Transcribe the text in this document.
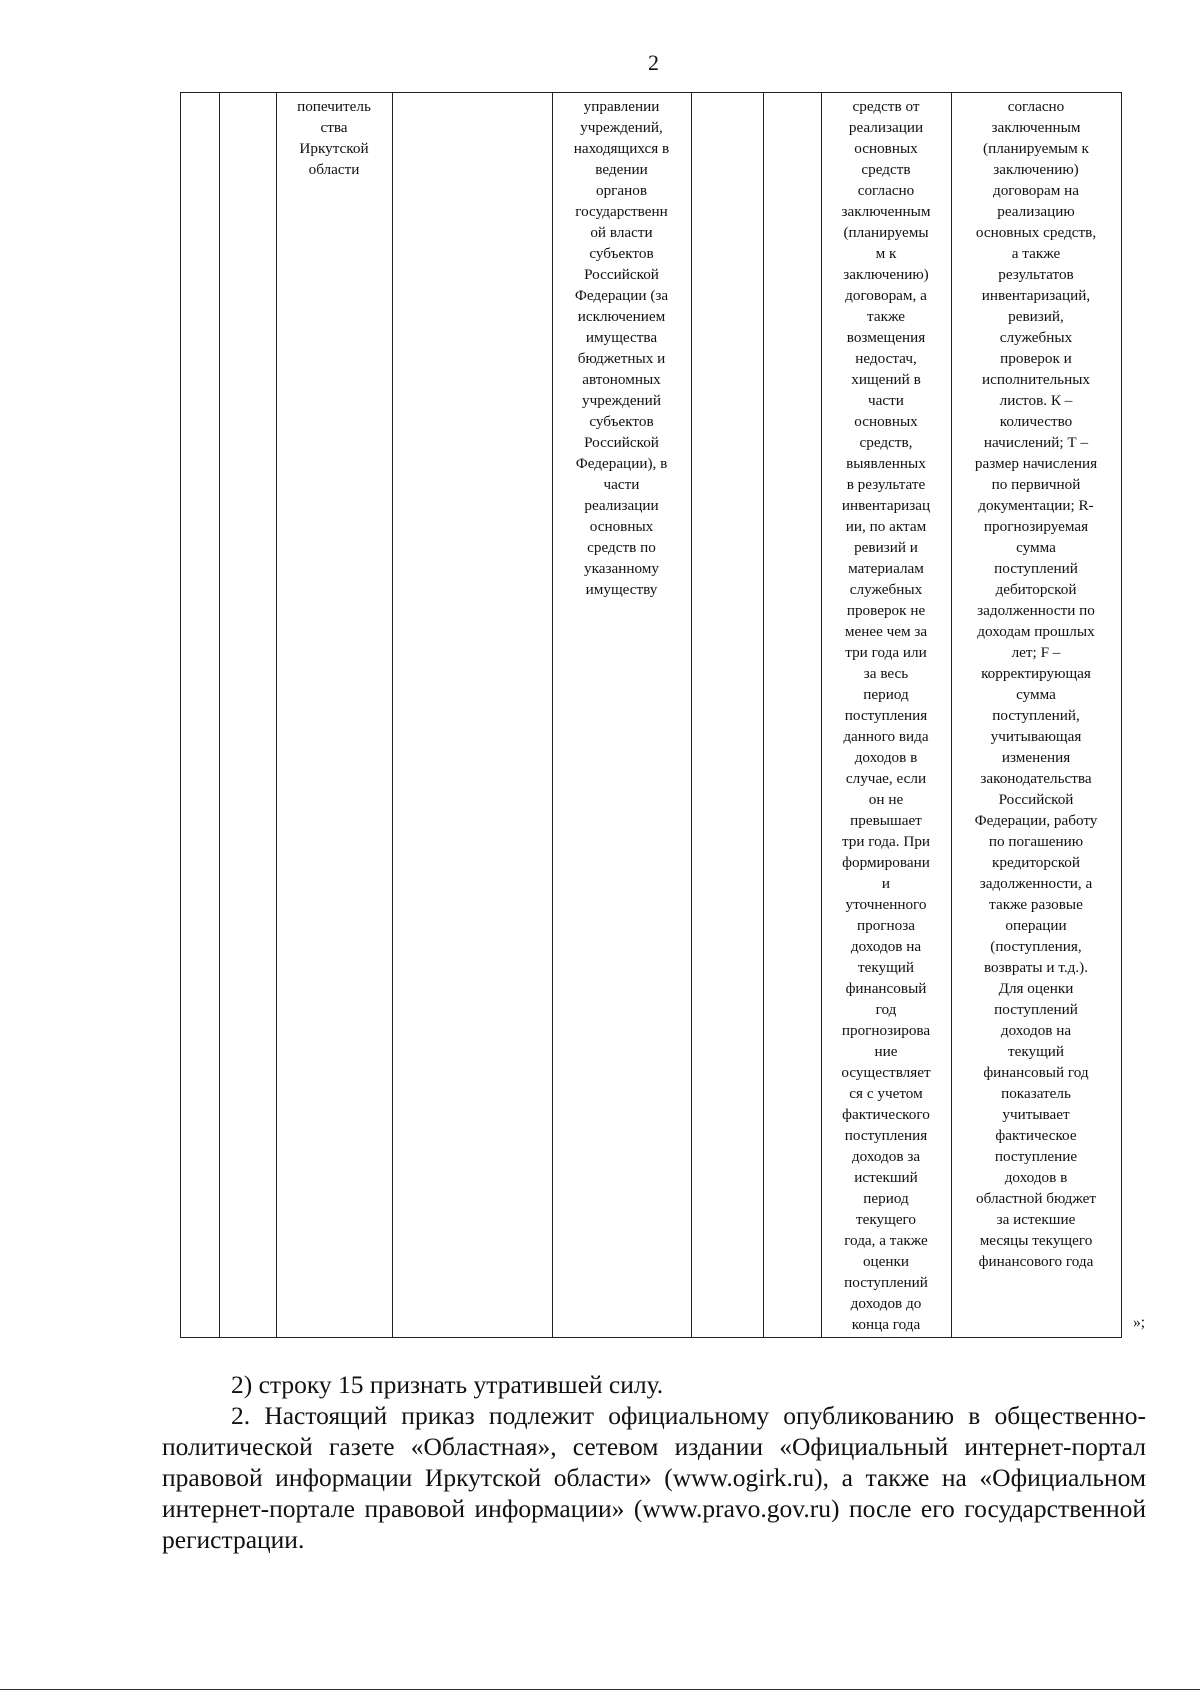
2
попечитель
ства
Иркутской
области
управлении
учреждений,
находящихся в
ведении
органов
государственн
ой власти
субъектов
Российской
Федерации (за
исключением
имущества
бюджетных и
автономных
учреждений
субъектов
Российской
Федерации), в
части
реализации
основных
средств по
указанному
имуществу
средств от
реализации
основных
средств
согласно
заключенным
(планируемы
м к
заключению)
договорам, а
также
возмещения
недостач,
хищений в
части
основных
средств,
выявленных
в результате
инвентаризац
ии, по актам
ревизий и
материалам
служебных
проверок не
менее чем за
три года или
за весь
период
поступления
данного вида
доходов в
случае, если
он не
превышает
три года. При
формировани
и
уточненного
прогноза
доходов на
текущий
финансовый
год
прогнозирова
ние
осуществляет
ся с учетом
фактического
поступления
доходов за
истекший
период
текущего
года, а также
оценки
поступлений
доходов до
конца года
согласно
заключенным
(планируемым к
заключению)
договорам на
реализацию
основных средств,
а также
результатов
инвентаризаций,
ревизий,
служебных
проверок и
исполнительных
листов. К –
количество
начислений; Т –
размер начисления
по первичной
документации; R-
прогнозируемая
сумма
поступлений
дебиторской
задолженности по
доходам прошлых
лет; F –
корректирующая
сумма
поступлений,
учитывающая
изменения
законодательства
Российской
Федерации, работу
по погашению
кредиторской
задолженности, а
также разовые
операции
(поступления,
возвраты и т.д.).
Для оценки
поступлений
доходов на
текущий
финансовый год
показатель
учитывает
фактическое
поступление
доходов в
областной бюджет
за истекшие
месяцы текущего
финансового года
»;
2) строку 15 признать утратившей силу.
2. Настоящий приказ подлежит официальному опубликованию в общественно-политической газете «Областная», сетевом издании «Официальный интернет-портал правовой информации Иркутской области» (www.ogirk.ru), а также на «Официальном интернет-портале правовой информации» (www.pravo.gov.ru) после его государственной регистрации.
